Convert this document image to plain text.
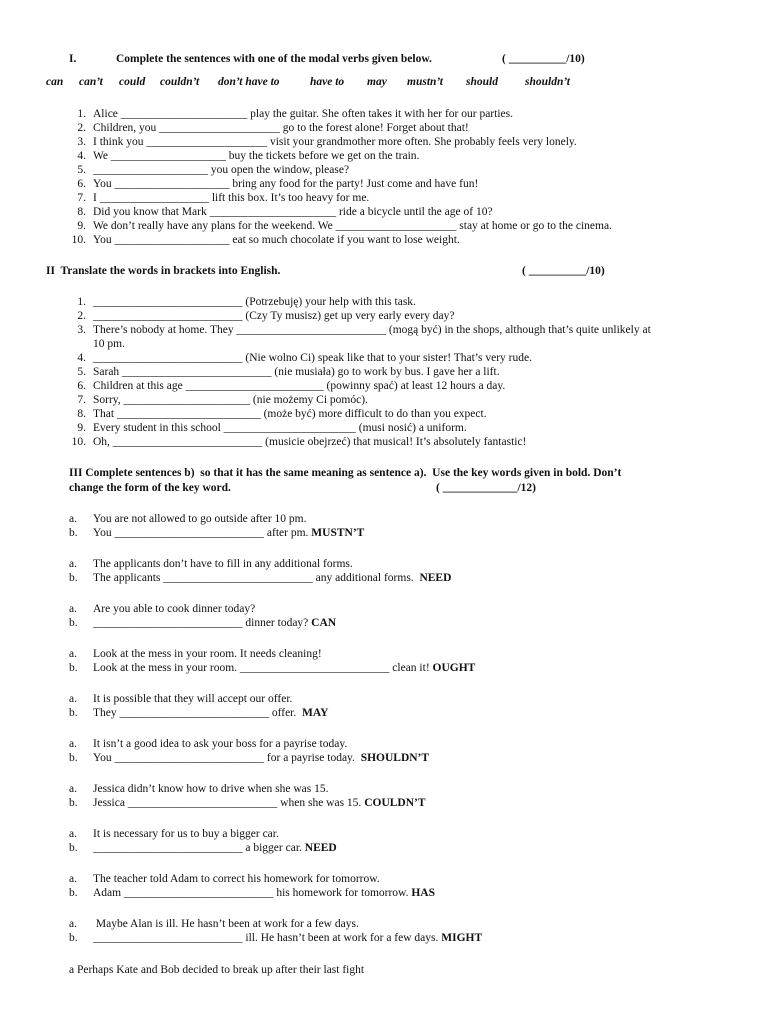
I.	Complete the sentences with one of the modal verbs given below.	( __________/10)
can can’t could couldn’t don’t have to	have to may mustn’t should shouldn’t
1. Alice ______________________ play the guitar. She often takes it with her for our parties.
2. Children, you _____________________ go to the forest alone! Forget about that!
3. I think you _____________________ visit your grandmother more often. She probably feels very lonely.
4. We ____________________ buy the tickets before we get on the train.
5. ____________________ you open the window, please?
6. You ____________________ bring any food for the party! Just come and have fun!
7. I ___________________ lift this box. It’s too heavy for me.
8. Did you know that Mark ______________________ ride a bicycle until the age of 10?
9. We don’t really have any plans for the weekend. We _____________________ stay at home or go to the cinema.
10. You ____________________ eat so much chocolate if you want to lose weight.
II  Translate the words in brackets into English.	( __________/10)
1. __________________________ (Potrzebuję) your help with this task.
2. __________________________ (Czy Ty musisz) get up very early every day?
3. There’s nobody at home. They __________________________ (mogą być) in the shops, although that’s quite unlikely at
10 pm.
4. __________________________ (Nie wolno Ci) speak like that to your sister! That’s very rude.
5. Sarah __________________________ (nie musiała) go to work by bus. I gave her a lift.
6. Children at this age ________________________ (powinny spać) at least 12 hours a day.
7. Sorry, ______________________ (nie możemy Ci pomóc).
8. That _________________________ (może być) more difficult to do than you expect.
9. Every student in this school _______________________ (musi nosić) a uniform.
10. Oh, __________________________ (musicie obejrzeć) that musical! It’s absolutely fantastic!
III Complete sentences b)  so that it has the same meaning as sentence a).  Use the key words given in bold. Don’t
change the form of the key word.	( _____________/12)
a. You are not allowed to go outside after 10 pm.
b. You __________________________ after pm. MUSTN’T
a. The applicants don’t have to fill in any additional forms.
b. The applicants __________________________ any additional forms.  NEED
a. Are you able to cook dinner today?
b. __________________________ dinner today? CAN
a. Look at the mess in your room. It needs cleaning!
b. Look at the mess in your room. __________________________ clean it! OUGHT
a. It is possible that they will accept our offer.
b. They __________________________ offer.  MAY
a. It isn’t a good idea to ask your boss for a payrise today.
b. You __________________________ for a payrise today.  SHOULDN’T
a. Jessica didn’t know how to drive when she was 15.
b. Jessica __________________________ when she was 15. COULDN’T
a. It is necessary for us to buy a bigger car.
b. __________________________ a bigger car. NEED
a. The teacher told Adam to correct his homework for tomorrow.
b. Adam __________________________ his homework for tomorrow. HAS
a. Maybe Alan is ill. He hasn’t been at work for a few days.
b. __________________________ ill. He hasn’t been at work for a few days. MIGHT
a Perhaps Kate and Bob decided to break up after their last fight
